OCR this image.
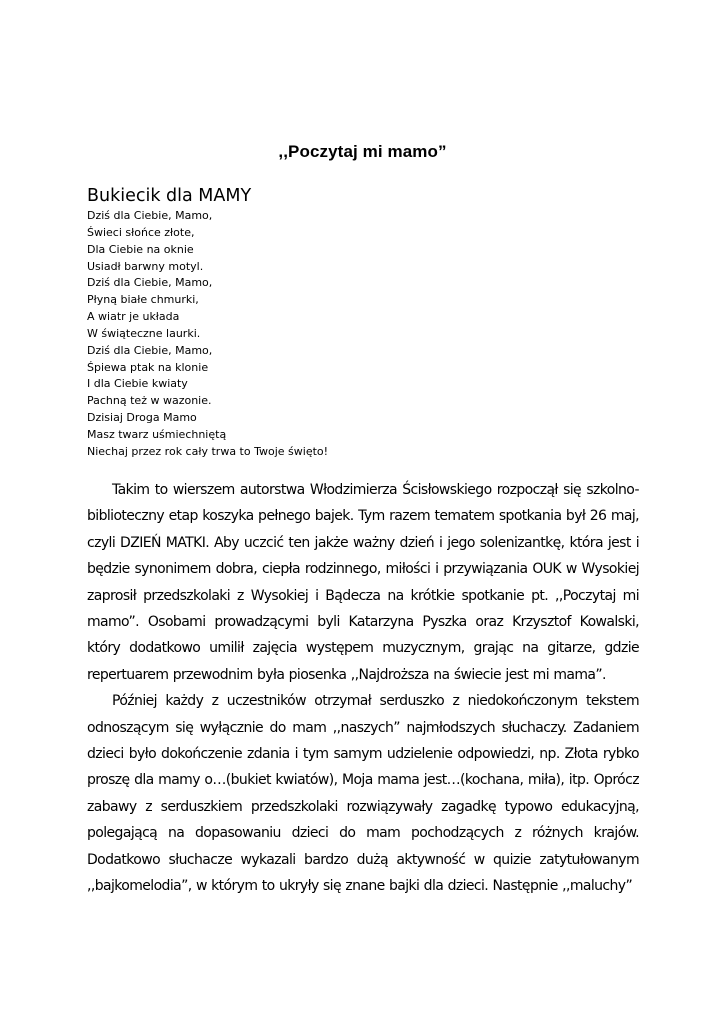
,,Poczytaj mi mamo”
Bukiecik dla MAMY
Dziś dla Ciebie, Mamo,
Świeci słońce złote,
Dla Ciebie na oknie
Usiadł barwny motyl.
Dziś dla Ciebie, Mamo,
Płyną białe chmurki,
A wiatr je układa
W świąteczne laurki.
Dziś dla Ciebie, Mamo,
Śpiewa ptak na klonie
I dla Ciebie kwiaty
Pachną też w wazonie.
Dzisiaj Droga Mamo
Masz twarz uśmiechniętą
Niechaj przez rok cały trwa to Twoje święto!

Takim to wierszem autorstwa Włodzimierza Ścisłowskiego rozpoczął się szkolno-biblioteczny etap koszyka pełnego bajek. Tym razem tematem spotkania był 26 maj, czyli DZIEŃ MATKI. Aby uczcić ten jakże ważny dzień i jego solenizantkę, która jest i będzie synonimem dobra, ciepła rodzinnego, miłości i przywiązania OUK w Wysokiej zaprosił przedszkolaki z Wysokiej i Bądecza na krótkie spotkanie pt. ,,Poczytaj mi mamo”. Osobami prowadzącymi byli Katarzyna Pyszka oraz Krzysztof Kowalski, który dodatkowo umilił zajęcia występem muzycznym, grając na gitarze, gdzie repertuarem przewodnim była piosenka ,,Najdroższa na świecie jest mi mama”.

Później każdy z uczestników otrzymał serduszko z niedokończonym tekstem odnoszącym się wyłącznie do mam ,,naszych” najmłodszych słuchaczy. Zadaniem dzieci było dokończenie zdania i tym samym udzielenie odpowiedzi, np. Złota rybko proszę dla mamy o…(bukiet kwiatów), Moja mama jest…(kochana, miła), itp. Oprócz zabawy z serduszkiem przedszkolaki rozwiązywały zagadkę typowo edukacyjną, polegającą na dopasowaniu dzieci do mam pochodzących z różnych krajów. Dodatkowo słuchacze wykazali bardzo dużą aktywność w quizie zatytułowanym ,,bajkomelodia”, w którym to ukryły się znane bajki dla dzieci. Następnie ,,maluchy”
